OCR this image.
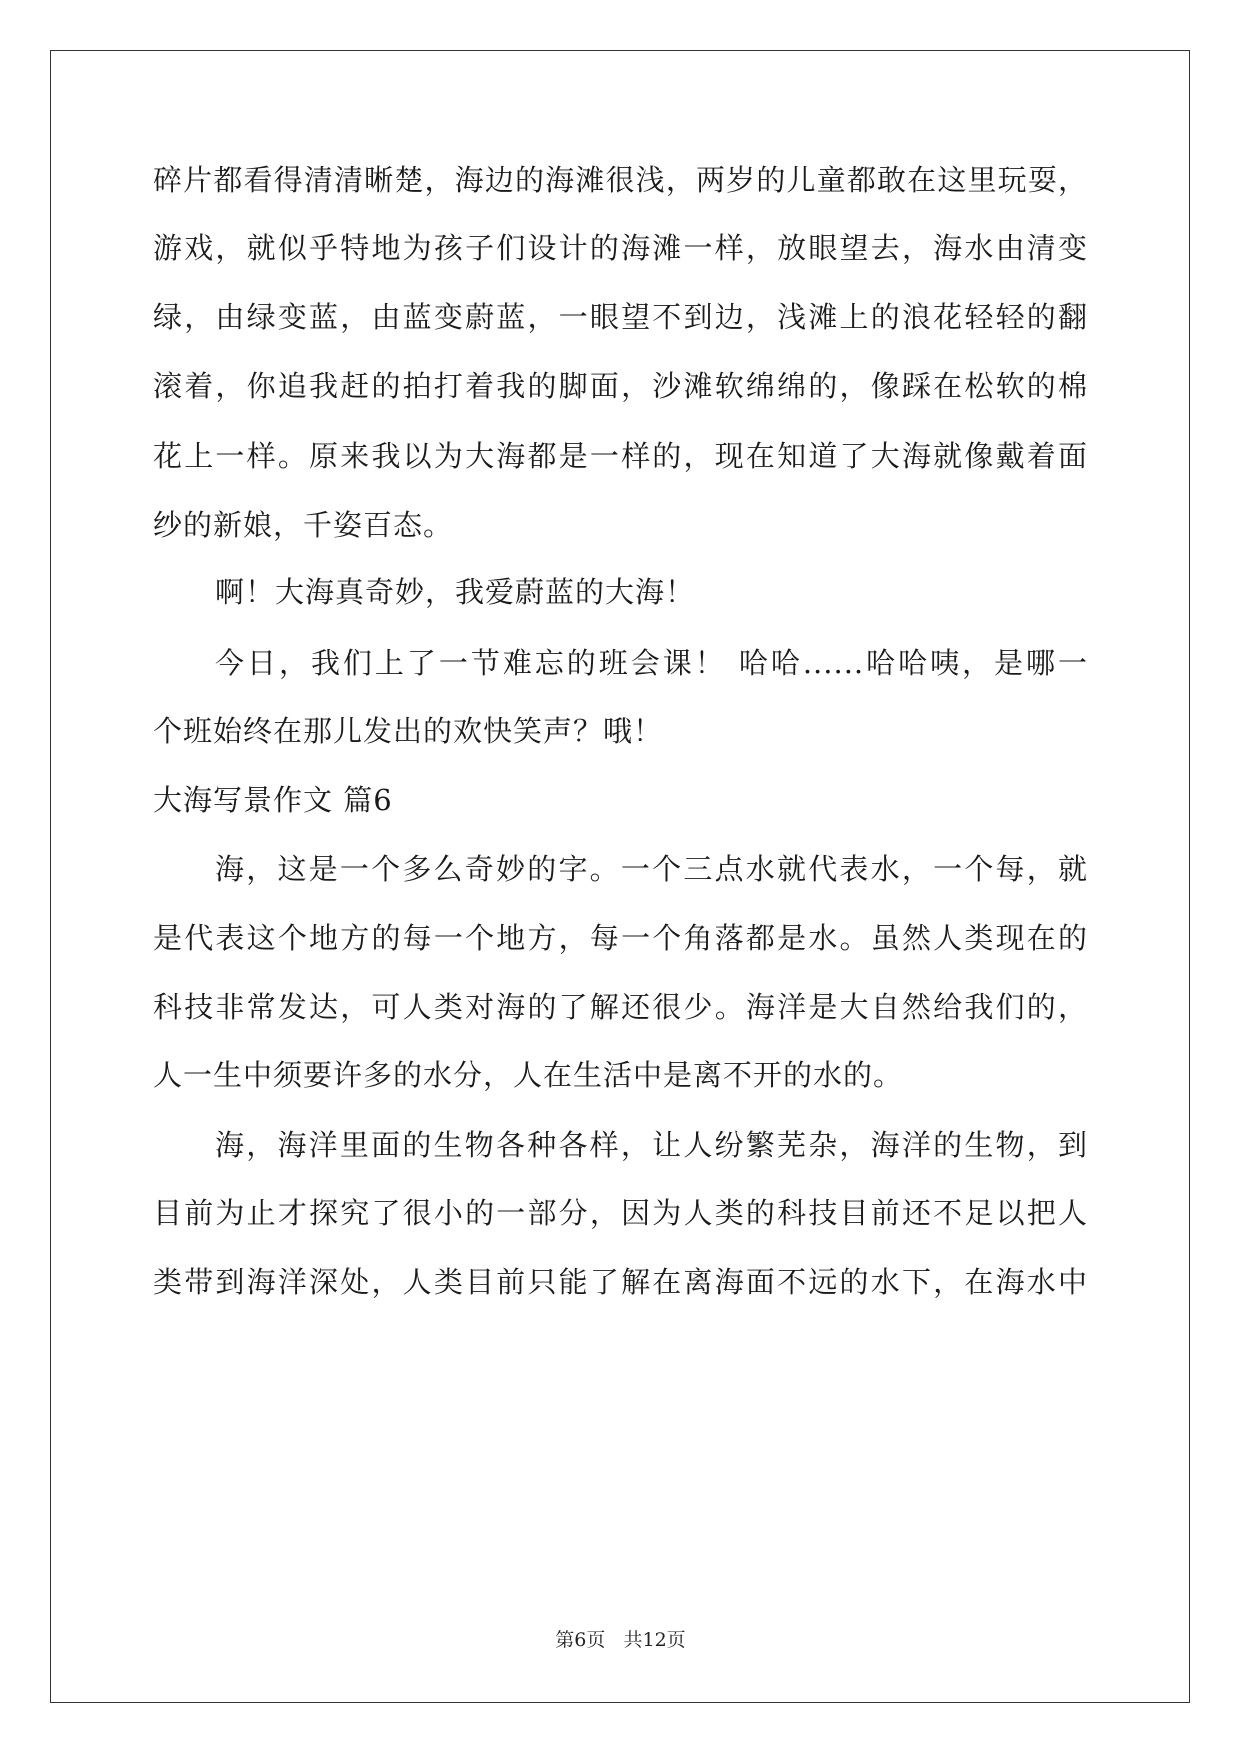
碎片都看得清清晰楚，海边的海滩很浅，两岁的儿童都敢在这里玩耍，
游戏，就似乎特地为孩子们设计的海滩一样，放眼望去，海水由清变
绿，由绿变蓝，由蓝变蔚蓝，一眼望不到边，浅滩上的浪花轻轻的翻
滚着，你追我赶的拍打着我的脚面，沙滩软绵绵的，像踩在松软的棉
花上一样。原来我以为大海都是一样的，现在知道了大海就像戴着面
纱的新娘，千姿百态。
啊！大海真奇妙，我爱蔚蓝的大海！
今日，我们上了一节难忘的班会课！ 哈哈......哈哈咦，是哪一
个班始终在那儿发出的欢快笑声？哦！
大海写景作文 篇6
海，这是一个多么奇妙的字。一个三点水就代表水，一个每，就
是代表这个地方的每一个地方，每一个角落都是水。虽然人类现在的
科技非常发达，可人类对海的了解还很少。海洋是大自然给我们的，
人一生中须要许多的水分，人在生活中是离不开的水的。
海，海洋里面的生物各种各样，让人纷繁芜杂，海洋的生物，到
目前为止才探究了很小的一部分，因为人类的科技目前还不足以把人
类带到海洋深处，人类目前只能了解在离海面不远的水下，在海水中
第6页   共12页
